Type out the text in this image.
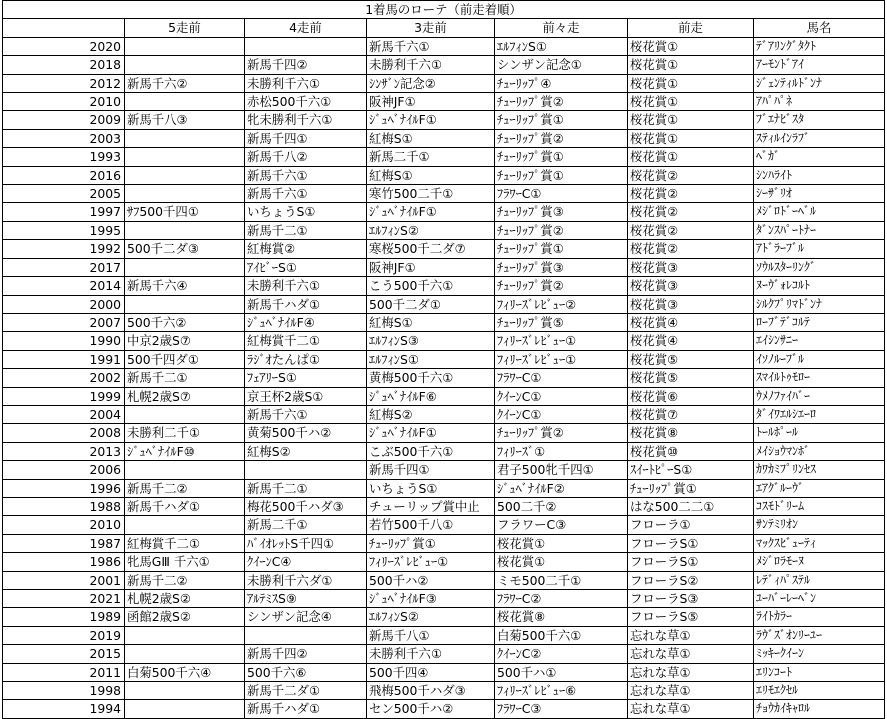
1着馬のローテ（前走着順）						
	5走前	4走前	3走前	前々走	前走	馬名
2020			新馬千六①	ｴﾙﾌｨﾝS①	桜花賞①	ﾃﾞｱﾘﾝｸﾞﾀｸﾄ
2018		新馬千四②	未勝利千六①	シンザン記念①	桜花賞①	ｱｰﾓﾝﾄﾞｱｲ
2012	新馬千六②	未勝利千六①	ｼﾝｻﾞﾝ記念②	ﾁｭｰﾘｯﾌﾟ④	桜花賞①	ｼﾞｪﾝﾃｨﾙﾄﾞﾝﾅ
2010		赤松500千六①	阪神JF①	ﾁｭｰﾘｯﾌﾟ賞②	桜花賞①	ｱﾊﾟﾊﾟﾈ
2009	新馬千八③	牝未勝利千六①	ｼﾞｭﾍﾞﾅｲﾙF①	ﾁｭｰﾘｯﾌﾟ賞①	桜花賞①	ﾌﾞｴﾅﾋﾞｽﾀ
2003		新馬千四①	紅梅S①	ﾁｭｰﾘｯﾌﾟ賞②	桜花賞①	ｽﾃｨﾙｲﾝﾗﾌﾞ
1993		新馬千八②	新馬二千①	ﾁｭｰﾘｯﾌﾟ賞①	桜花賞①	ﾍﾞｶﾞ
2016		新馬千六①	紅梅S①	ﾁｭｰﾘｯﾌﾟ賞①	桜花賞②	ｼﾝﾊﾗｲﾄ
2005		新馬千六①	寒竹500二千①	ﾌﾗﾜｰC①	桜花賞②	ｼｰｻﾞﾘｵ
1997	ｻﾌ500千四①	いちょうS①	ｼﾞｭﾍﾞﾅｲﾙF①	ﾁｭｰﾘｯﾌﾟ賞③	桜花賞②	ﾒｼﾞﾛﾄﾞｰﾍﾞﾙ
1995		新馬千二①	ｴﾙﾌｨﾝS②	ﾁｭｰﾘｯﾌﾟ賞②	桜花賞②	ﾀﾞﾝｽﾊﾟｰﾄﾅｰ
1992	500千二ダ③	紅梅賞②	寒桜500千二ダ⑦	ﾁｭｰﾘｯﾌﾟ賞①	桜花賞②	ｱﾄﾞﾗｰﾌﾞﾙ
2017		ｱｲﾋﾞｰS①	阪神JF①	ﾁｭｰﾘｯﾌﾟ賞③	桜花賞③	ｿｳﾙｽﾀｰﾘﾝｸﾞ
2014	新馬千六④	未勝利千六①	こう500千六①	ﾁｭｰﾘｯﾌﾟ賞②	桜花賞③	ﾇｰｳﾞｫﾚｺﾙﾄ
2000		新馬千ハダ①	500千二ダ①	ﾌｨﾘｰｽﾞﾚﾋﾞｭｰ②	桜花賞③	ｼﾙｸﾌﾟﾘﾏﾄﾞﾝﾅ
2007	500千六②	ｼﾞｭﾍﾞﾅｲﾙF④	紅梅S①	ﾁｭｰﾘｯﾌﾟ賞⑤	桜花賞④	ﾛｰﾌﾞﾃﾞｺﾙﾃ
1990	中京2歳S⑦	紅梅賞千二①	ｴﾙﾌｨﾝS③	ﾌｨﾘｰｽﾞﾚﾋﾞｭｰ①	桜花賞④	ｴｲｼﾝｻﾆｰ
1991	500千四ダ①	ﾗｼﾞｵたんぱ①	ｴﾙﾌｨﾝS①	ﾌｨﾘｰｽﾞﾚﾋﾞｭｰ①	桜花賞⑤	ｲｿﾉﾙｰﾌﾞﾙ
2002	新馬千二①	ﾌｪｱﾘｰS①	黄梅500千六①	ﾌﾗﾜｰC①	桜花賞⑤	ｽﾏｲﾙﾄｩﾓﾛｰ
1999	札幌2歳S⑦	京王杯2歳S①	ｼﾞｭﾍﾞﾅｲﾙF⑥	ｸｲｰﾝC①	桜花賞⑥	ｳﾒﾉﾌｧｲﾊﾞｰ
2004		新馬千六①	紅梅S②	ｸｲｰﾝC①	桜花賞⑦	ﾀﾞｲﾜｴﾙｼｴｰﾛ
2008	未勝利二千①	黄菊500千ハ②	ｼﾞｭﾍﾞﾅｲﾙF①	ﾁｭｰﾘｯﾌﾟ賞②	桜花賞⑧	ﾄｰﾙﾎﾟｰﾙ
2013	ｼﾞｭﾍﾞﾅｲﾙF⑩	紅梅S②	こぶ500千六①	ﾌｨﾘｰｽﾞ①	桜花賞⑩	ﾒｲｼｮｳﾏﾝﾎﾞ
2006			新馬千四①	君子500牝千四①	ｽｲｰﾄﾋﾟｰS①	ｶﾜｶﾐﾌﾟﾘﾝｾｽ
1996	新馬千二②	新馬千二①	いちょうS①	ｼﾞｭﾍﾞﾅｲﾙF②	ﾁｭｰﾘｯﾌﾟ賞①	ｴｱｸﾞﾙｰｳﾞ
1988	新馬千ハダ①	梅花500千ハダ③	チューリップ賞中止	500二千②	はな500二二①	ｺｽﾓﾄﾞﾘｰﾑ
2010		新馬二千①	若竹500千八①	フラワーC③	フローラ①	ｻﾝﾃﾐﾘｵﾝ
1987	紅梅賞千二①	ﾊﾞｲｵﾚｯﾄS千四①	ﾁｭｰﾘｯﾌﾟ賞①	桜花賞①	フローラS①	ﾏｯｸｽﾋﾞｭｰﾃｨ
1986	牝馬GⅢ 千六①	ｸｲｰﾝC④	ﾌｨﾘｰｽﾞﾚﾋﾞｭｰ①	桜花賞①	フローラS①	ﾒｼﾞﾛﾗﾓｰﾇ
2001	新馬千二②	未勝利千六ダ①	500千ハ②	ミモ500二千①	フローラS②	ﾚﾃﾞｨﾊﾟｽﾃﾙ
2021	札幌2歳S②	ｱﾙﾃﾐｽS⑨	ｼﾞｭﾍﾞﾅｲﾙF③	ﾌﾗﾜｰC②	フローラS③	ﾕｰﾊﾞｰﾚｰﾍﾞﾝ
1989	函館2歳S②	シンザン記念④	ｴﾙﾌｨﾝS②	桜花賞⑧	フローラS⑤	ﾗｲﾄｶﾗｰ
2019			新馬千八①	白菊500千六①	忘れな草①	ﾗｳﾞｽﾞｵﾝﾘｰﾕｰ
2015		新馬千四②	未勝利千六①	ｸｲｰﾝC②	忘れな草①	ﾐｯｷｰｸｲｰﾝ
2011	白菊500千六④	500千六⑥	500千四④	500千ハ①	忘れな草①	ｴﾘﾝｺｰﾄ
1998		新馬千二ダ①	飛梅500千ハダ③	ﾌｨﾘｰｽﾞﾚﾋﾞｭｰ⑥	忘れな草①	ｴﾘﾓｴｸｾﾙ
1994		新馬千ハダ①	セン500千ハ②	ﾌﾗﾜｰC③	忘れな草①	ﾁｮｳｶｲｷｬﾛﾙ
